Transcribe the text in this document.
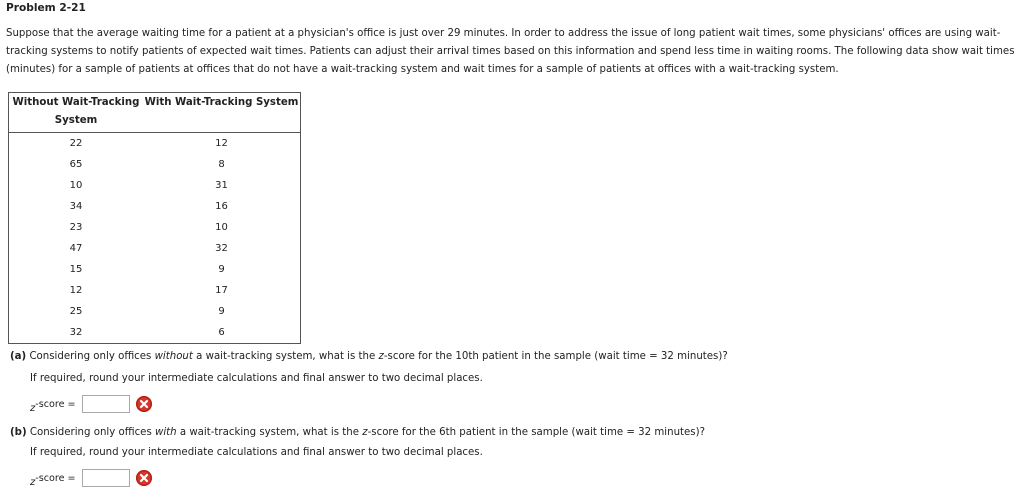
Problem 2-21

Suppose that the average waiting time for a patient at a physician's office is just over 29 minutes. In order to address the issue of long patient wait times, some physicians' offices are using wait-tracking systems to notify patients of expected wait times. Patients can adjust their arrival times based on this information and spend less time in waiting rooms. The following data show wait times (minutes) for a sample of patients at offices that do not have a wait-tracking system and wait times for a sample of patients at offices with a wait-tracking system.

Without Wait-Tracking System	With Wait-Tracking System
22	12
65	8
10	31
34	16
23	10
47	32
15	9
12	17
25	9
32	6
(a) Considering only offices without a wait-tracking system, what is the z-score for the 10th patient in the sample (wait time = 32 minutes)?
If required, round your intermediate calculations and final answer to two decimal places.
z-score =
(b) Considering only offices with a wait-tracking system, what is the z-score for the 6th patient in the sample (wait time = 32 minutes)?
If required, round your intermediate calculations and final answer to two decimal places.
z-score =
